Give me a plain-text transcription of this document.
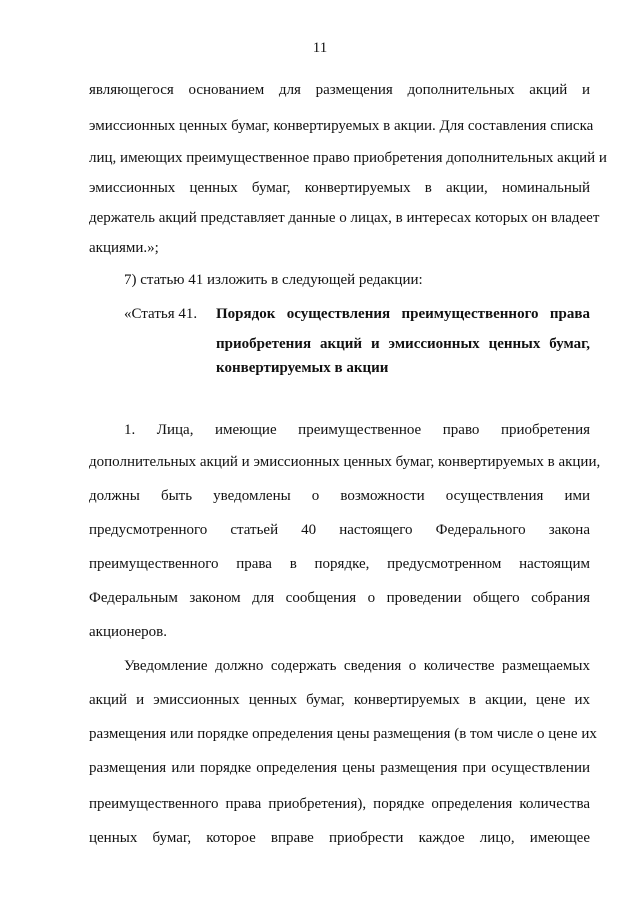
11
являющегося основанием для размещения дополнительных акций и
эмиссионных ценных бумаг, конвертируемых в акции. Для составления списка
лиц, имеющих преимущественное право приобретения дополнительных акций и
эмиссионных ценных бумаг, конвертируемых в акции, номинальный
держатель акций представляет данные о лицах, в интересах которых он владеет
акциями.»;
7) статью 41 изложить в следующей редакции:
«Статья 41.	Порядок осуществления преимущественного права
приобретения акций и эмиссионных ценных бумаг,
конвертируемых в акции
1. Лица, имеющие преимущественное право приобретения
дополнительных акций и эмиссионных ценных бумаг, конвертируемых в акции,
должны быть уведомлены о возможности осуществления ими
предусмотренного статьей 40 настоящего Федерального закона
преимущественного права в порядке, предусмотренном настоящим
Федеральным законом для сообщения о проведении общего собрания
акционеров.
Уведомление должно содержать сведения о количестве размещаемых
акций и эмиссионных ценных бумаг, конвертируемых в акции, цене их
размещения или порядке определения цены размещения (в том числе о цене их
размещения или порядке определения цены размещения при осуществлении
преимущественного права приобретения), порядке определения количества
ценных бумаг, которое вправе приобрести каждое лицо, имеющее
